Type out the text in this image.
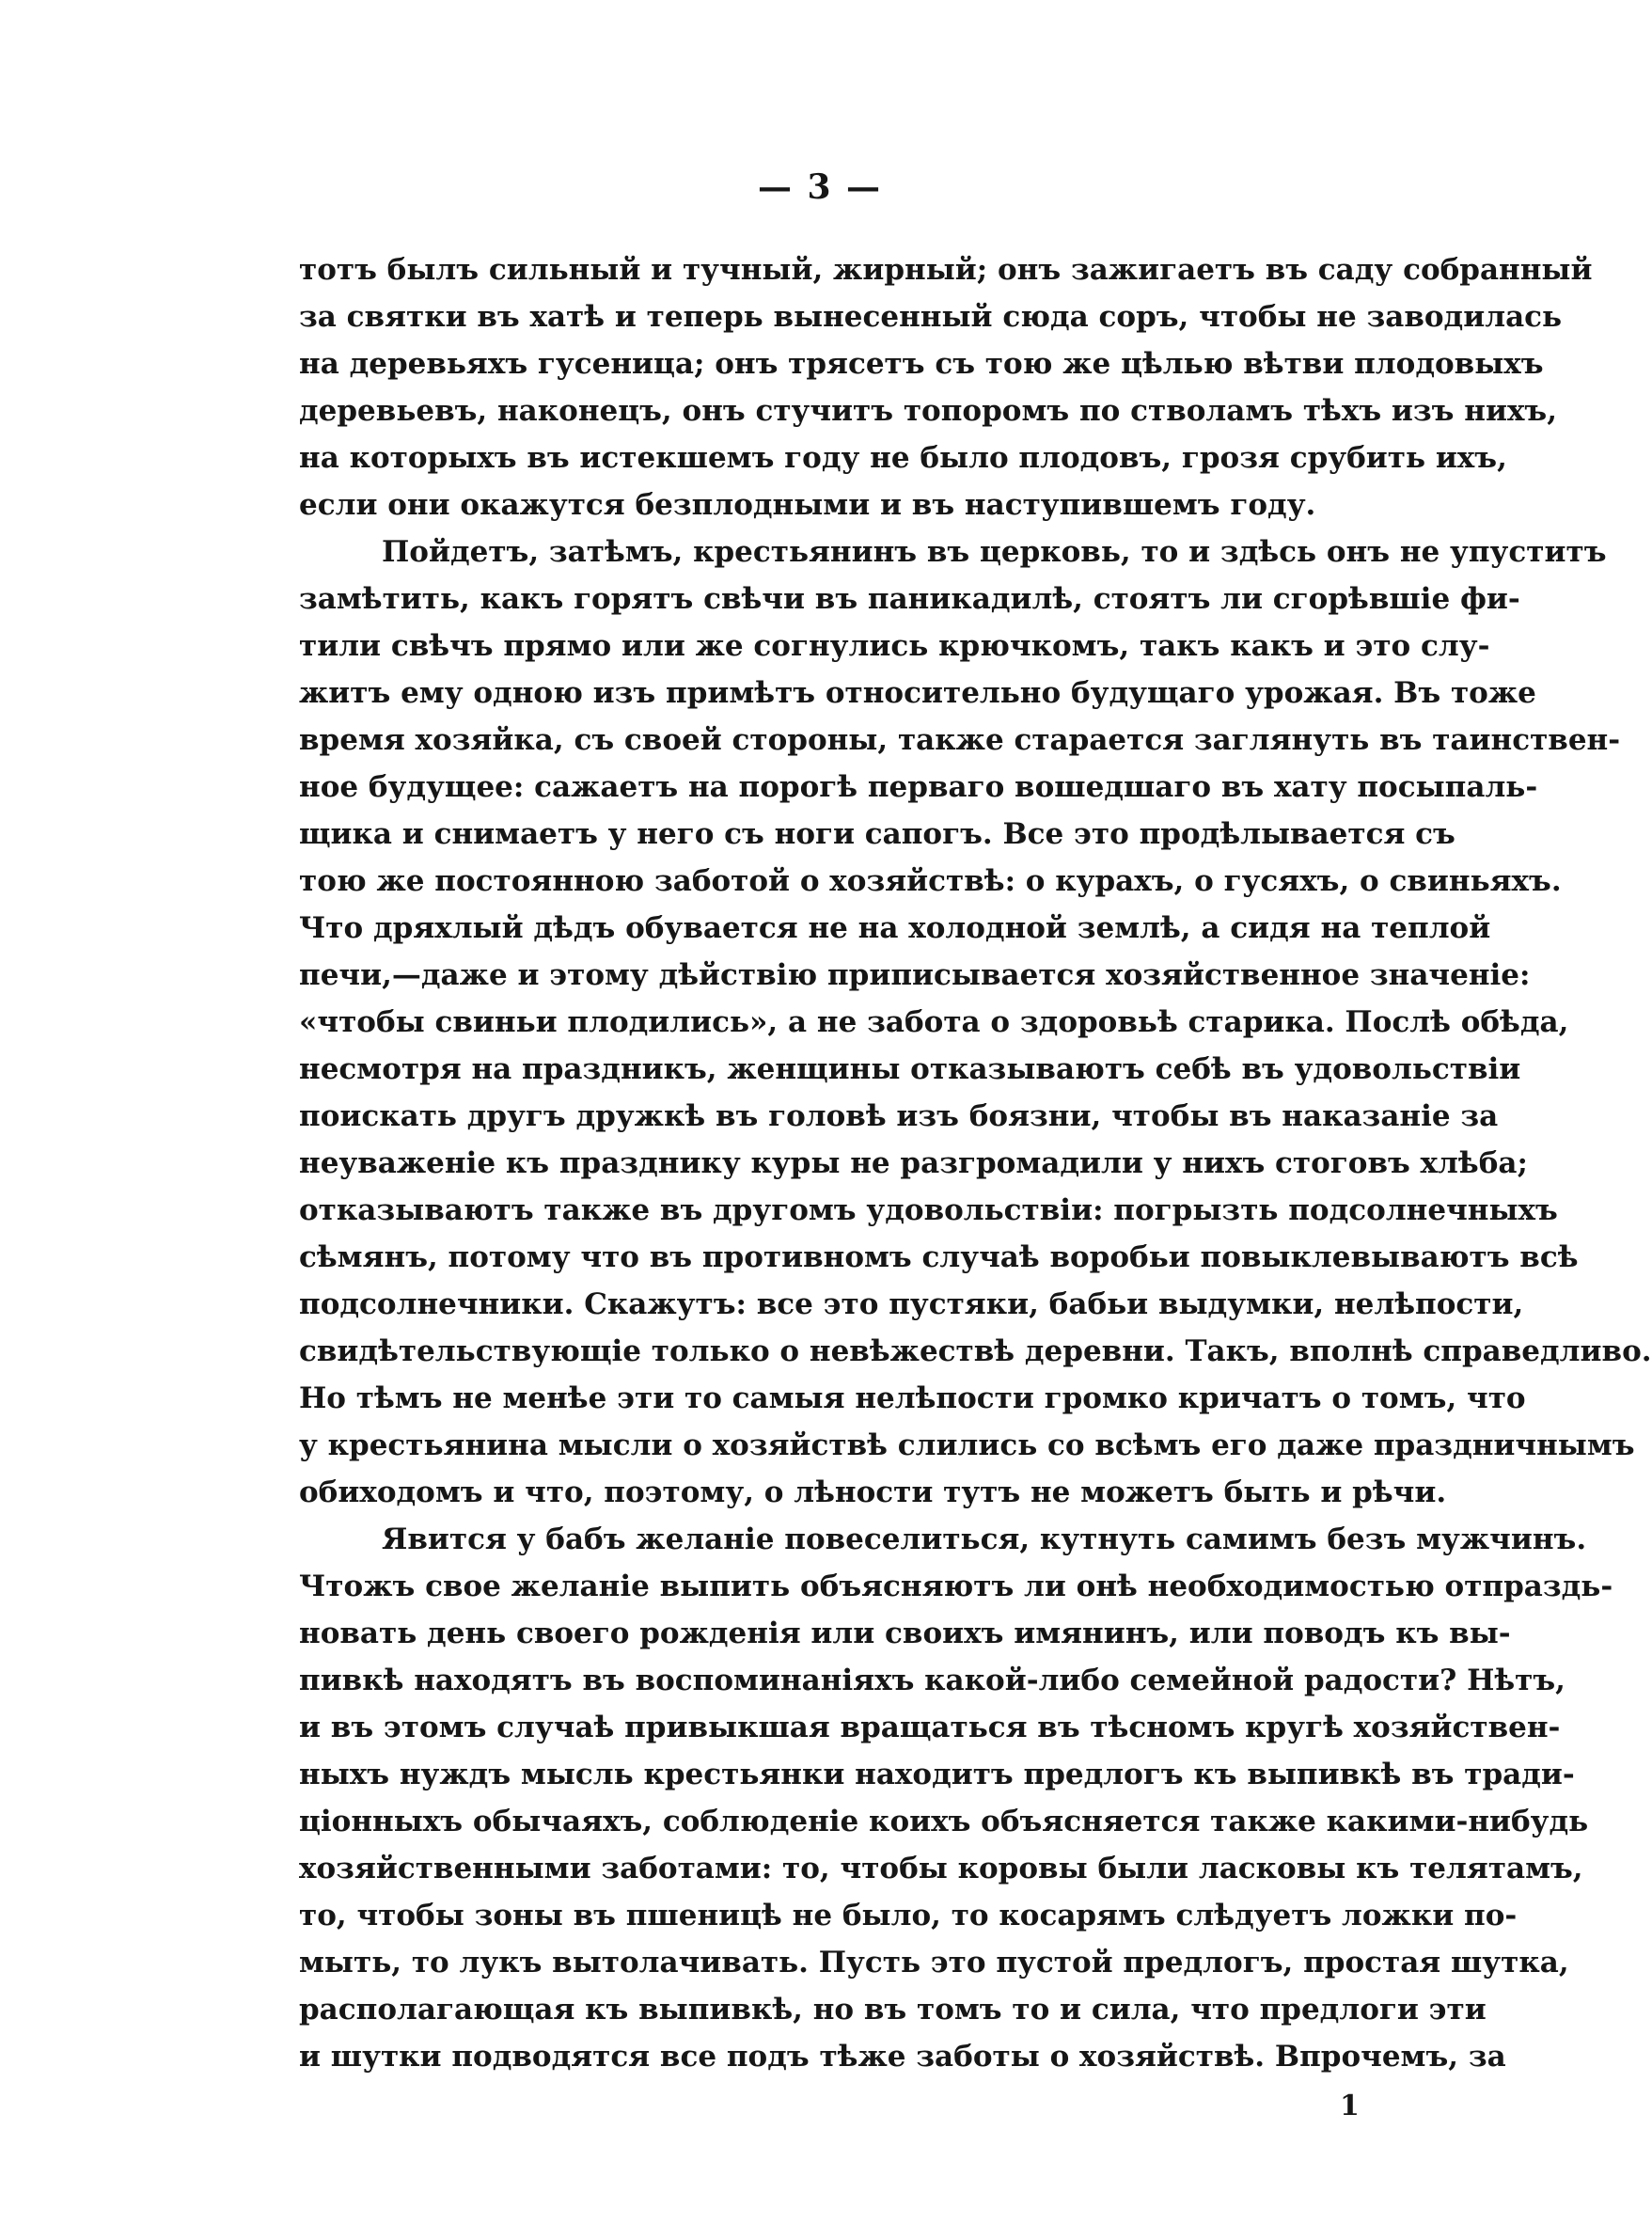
— 3 —
тотъ былъ сильный и тучный, жирный; онъ зажигаетъ въ саду собранный
за святки въ хатѣ и теперь вынесенный сюда соръ, чтобы не заводилась
на деревьяхъ гусеница; онъ трясетъ съ тою же цѣлью вѣтви плодовыхъ
деревьевъ, наконецъ, онъ стучитъ топоромъ по стволамъ тѣхъ изъ нихъ,
на которыхъ въ истекшемъ году не было плодовъ, грозя срубить ихъ,
если они окажутся безплодными и въ наступившемъ году.
Пойдетъ, затѣмъ, крестьянинъ въ церковь, то и здѣсь онъ не упуститъ
замѣтить, какъ горятъ свѣчи въ паникадилѣ, стоятъ ли сгорѣвшіе фи-
тили свѣчъ прямо или же согнулись крючкомъ, такъ какъ и это слу-
житъ ему одною изъ примѣтъ относительно будущаго урожая. Въ тоже
время хозяйка, съ своей стороны, также старается заглянуть въ таинствен-
ное будущее: сажаетъ на порогѣ перваго вошедшаго въ хату посыпаль-
щика и снимаетъ у него съ ноги сапогъ. Все это продѣлывается съ
тою же постоянною заботой о хозяйствѣ: о курахъ, о гусяхъ, о свиньяхъ.
Что дряхлый дѣдъ обувается не на холодной землѣ, а сидя на теплой
печи,—даже и этому дѣйствію приписывается хозяйственное значеніе:
«чтобы свиньи плодились», а не забота о здоровьѣ старика. Послѣ обѣда,
несмотря на праздникъ, женщины отказываютъ себѣ въ удовольствіи
поискать другъ дружкѣ въ головѣ изъ боязни, чтобы въ наказаніе за
неуваженіе къ празднику куры не разгромадили у нихъ стоговъ хлѣба;
отказываютъ также въ другомъ удовольствіи: погрызть подсолнечныхъ
сѣмянъ, потому что въ противномъ случаѣ воробьи повыклевываютъ всѣ
подсолнечники. Скажутъ: все это пустяки, бабьи выдумки, нелѣпости,
свидѣтельствующіе только о невѣжествѣ деревни. Такъ, вполнѣ справедливо.
Но тѣмъ не менѣе эти то самыя нелѣпости громко кричатъ о томъ, что
у крестьянина мысли о хозяйствѣ слились со всѣмъ его даже праздничнымъ
обиходомъ и что, поэтому, о лѣности тутъ не можетъ быть и рѣчи.
Явится у бабъ желаніе повеселиться, кутнуть самимъ безъ мужчинъ.
Чтожъ свое желаніе выпить объясняютъ ли онѣ необходимостью отпраздь-
новать день своего рожденія или своихъ имянинъ, или поводъ къ вы-
пивкѣ находятъ въ воспоминаніяхъ какой-либо семейной радости? Нѣтъ,
и въ этомъ случаѣ привыкшая вращаться въ тѣсномъ кругѣ хозяйствен-
ныхъ нуждъ мысль крестьянки находитъ предлогъ къ выпивкѣ въ тради-
ціонныхъ обычаяхъ, соблюденіе коихъ объясняется также какими-нибудь
хозяйственными заботами: то, чтобы коровы были ласковы къ телятамъ,
то, чтобы зоны въ пшеницѣ не было, то косарямъ слѣдуетъ ложки по-
мыть, то лукъ вытолачивать. Пусть это пустой предлогъ, простая шутка,
располагающая къ выпивкѣ, но въ томъ то и сила, что предлоги эти
и шутки подводятся все подъ тѣже заботы о хозяйствѣ. Впрочемъ, за
1
